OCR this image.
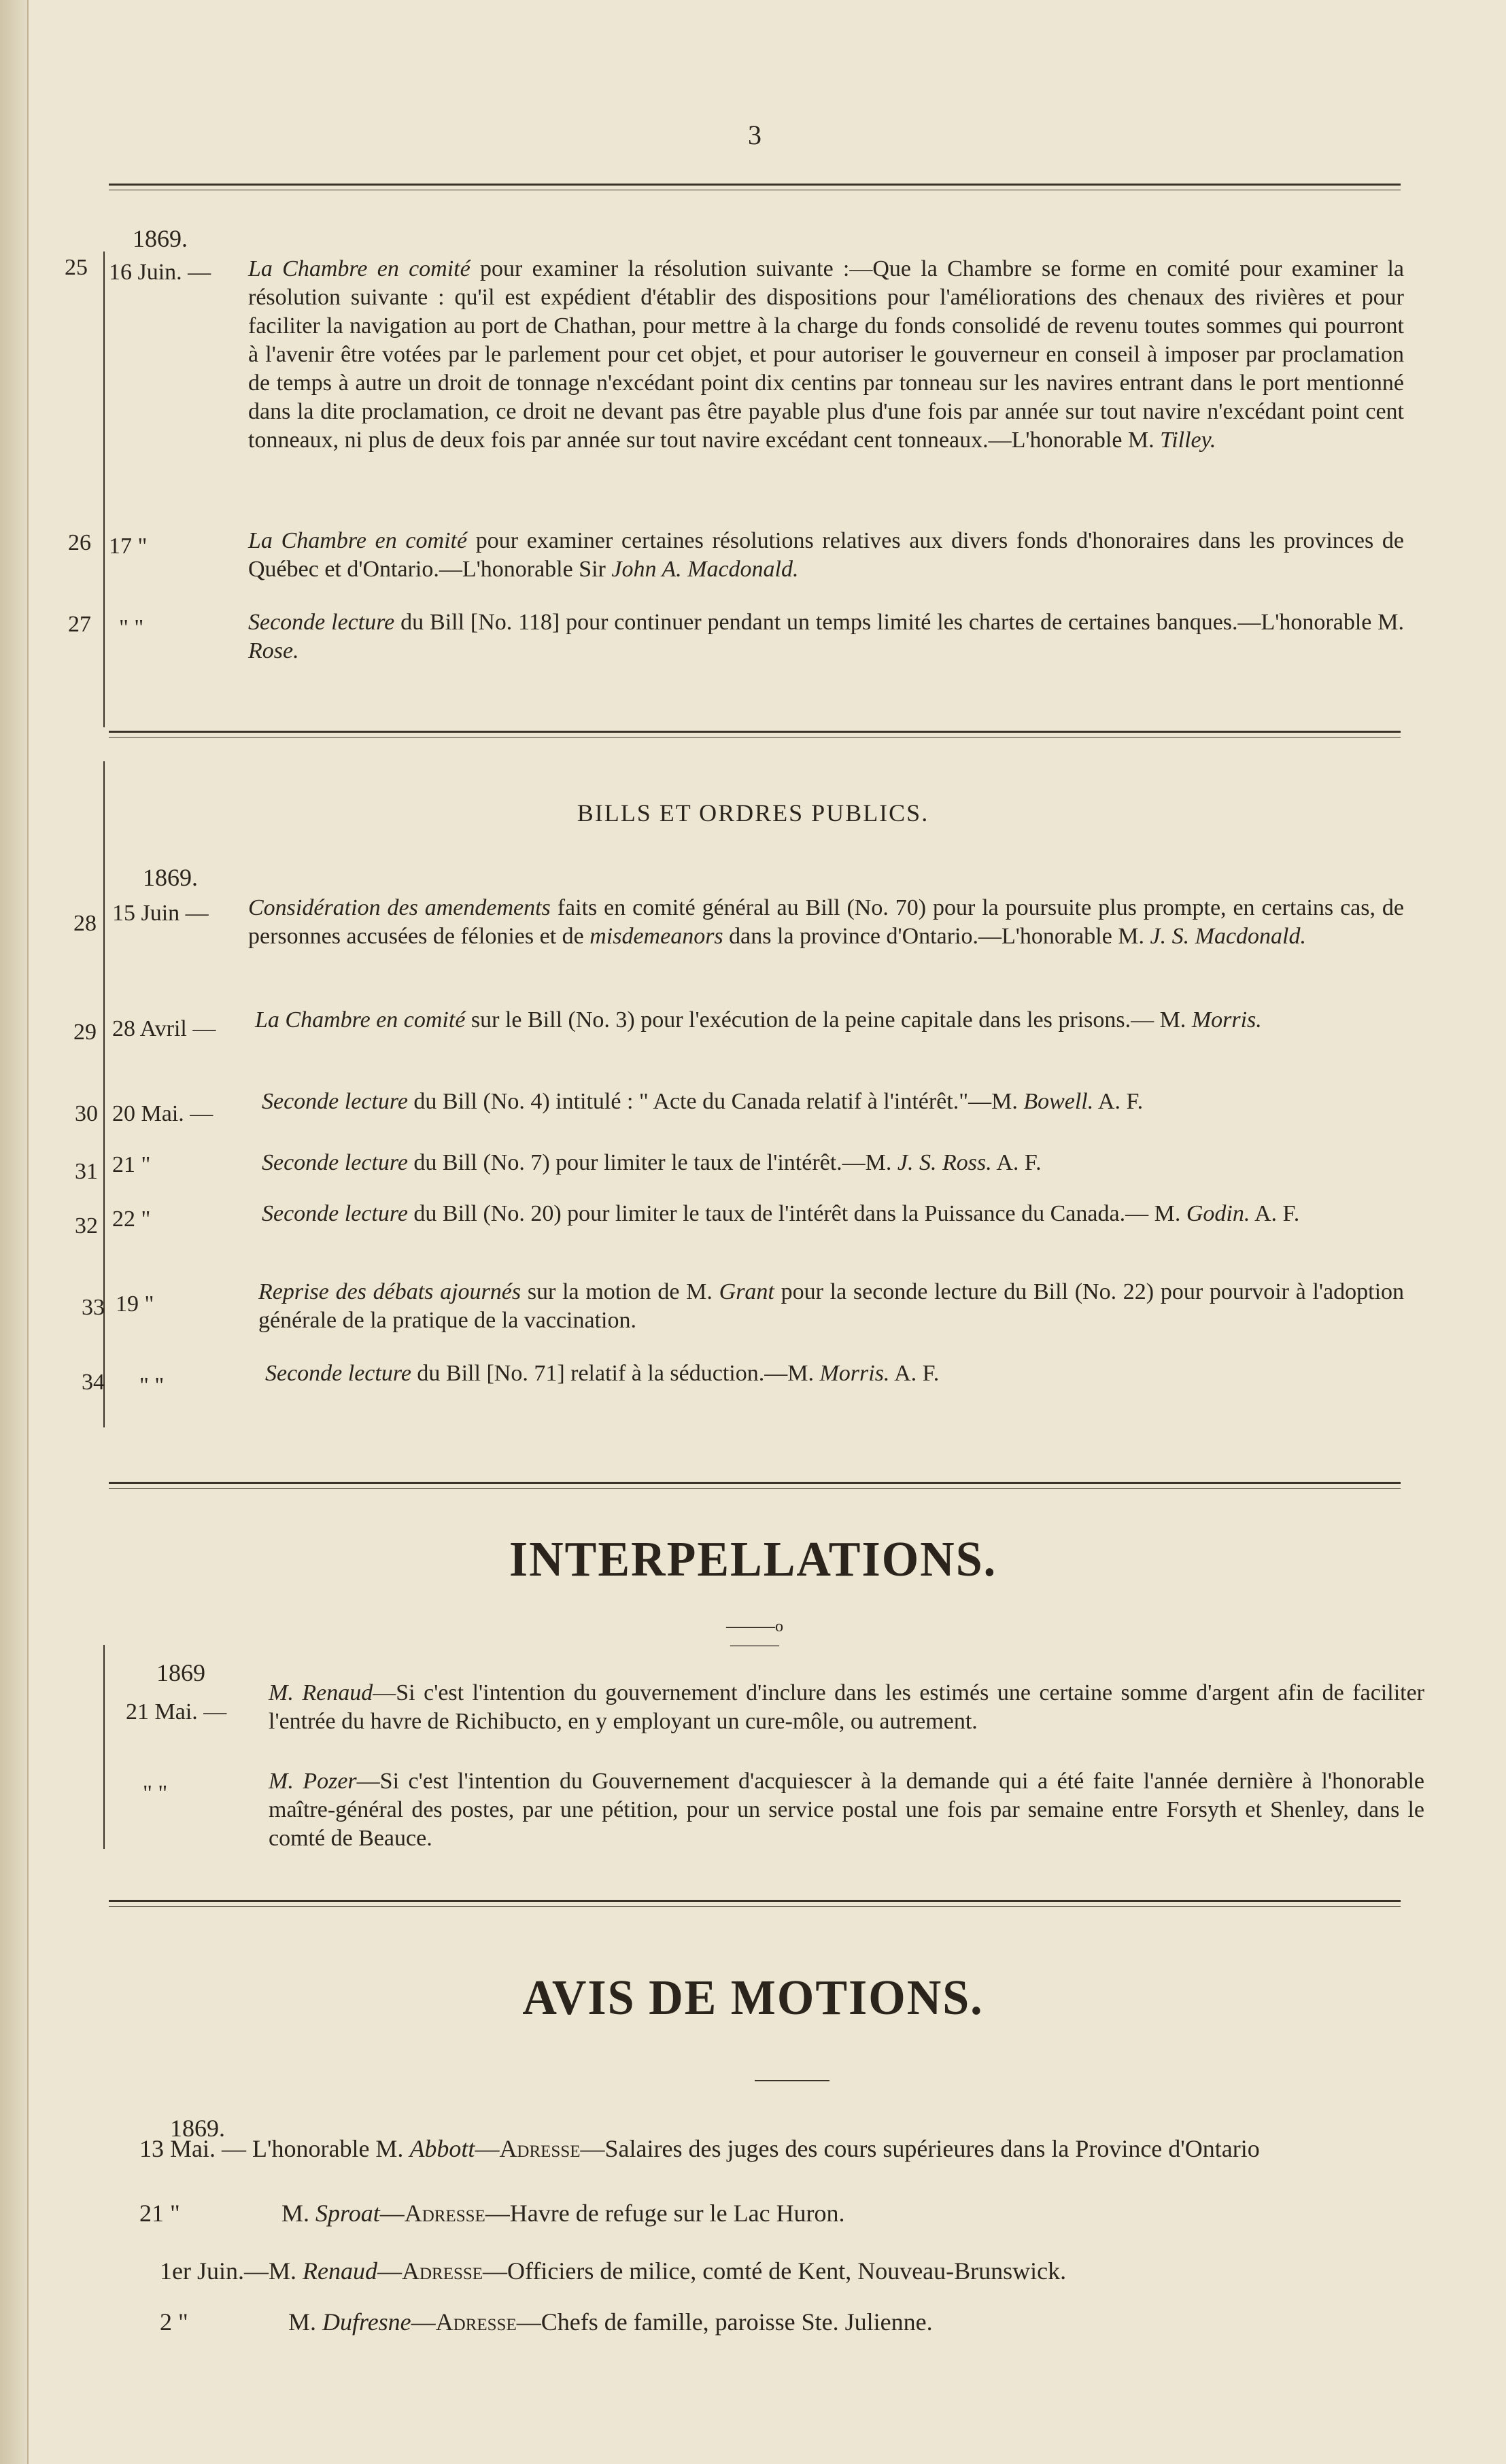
3
1869.
25 16 Juin. — La Chambre en comité pour examiner la résolution suivante :—Que la Chambre se forme en comité pour examiner la résolution suivante : qu'il est expédient d'établir des dispositions pour l'améliorations des chenaux des rivières et pour faciliter la navigation au port de Chathan, pour mettre à la charge du fonds consolidé de revenu toutes sommes qui pourront à l'avenir être votées par le parlement pour cet objet, et pour autoriser le gouverneur en conseil à imposer par proclamation de temps à autre un droit de tonnage n'excédant point dix centins par tonneau sur les navires entrant dans le port mentionné dans la dite proclamation, ce droit ne devant pas être payable plus d'une fois par année sur tout navire n'excédant point cent tonneaux, ni plus de deux fois par année sur tout navire excédant cent tonneaux.—L'honorable M. Tilley.
26 17 "	La Chambre en comité pour examiner certaines résolutions relatives aux divers fonds d'honoraires dans les provinces de Québec et d'Ontario.—L'honorable Sir John A. Macdonald.
27 " "	Seconde lecture du Bill [No. 118] pour continuer pendant un temps limité les chartes de certaines banques.—L'honorable M. Rose.
BILLS ET ORDRES PUBLICS.
1869.
28 15 Juin — Considération des amendements faits en comité général au Bill (No. 70) pour la poursuite plus prompte, en certains cas, de personnes accusées de félonies et de misdemeanors dans la province d'Ontario.—L'honorable M. J. S. Macdonald.
29 28 Avril — La Chambre en comité sur le Bill (No. 3) pour l'exécution de la peine capitale dans les prisons.— M. Morris.
30 20 Mai. — Seconde lecture du Bill (No. 4) intitulé : " Acte du Canada relatif à l'intérêt."—M. Bowell. A. F.
31 21 "	Seconde lecture du Bill (No. 7) pour limiter le taux de l'intérêt.—M. J. S. Ross. A. F.
32 22 "	Seconde lecture du Bill (No. 20) pour limiter le taux de l'intérêt dans la Puissance du Canada.— M. Godin. A. F.
33 19 "	Reprise des débats ajournés sur la motion de M. Grant pour la seconde lecture du Bill (No. 22) pour pourvoir à l'adoption générale de la pratique de la vaccination.
34 " "	Seconde lecture du Bill [No. 71] relatif à la séduction.—M. Morris. A. F.
INTERPELLATIONS.
———o———
1869
21 Mai. —
M. Renaud—Si c'est l'intention du gouvernement d'inclure dans les estimés une certaine somme d'argent afin de faciliter l'entrée du havre de Richibucto, en y employant un cure-môle, ou autrement.
" "	M. Pozer—Si c'est l'intention du Gouvernement d'acquiescer à la demande qui a été faite l'année dernière à l'honorable maître-général des postes, par une pétition, pour un service postal une fois par semaine entre Forsyth et Shenley, dans le comté de Beauce.
AVIS DE MOTIONS.
1869.
13 Mai. — L'honorable M. Abbott—Adresse—Salaires des juges des cours supérieures dans la Province d'Ontario
21 "	M. Sproat—Adresse—Havre de refuge sur le Lac Huron.
1er Juin.—M. Renaud—Adresse—Officiers de milice, comté de Kent, Nouveau-Brunswick.
2 "	M. Dufresne—Adresse—Chefs de famille, paroisse Ste. Julienne.
